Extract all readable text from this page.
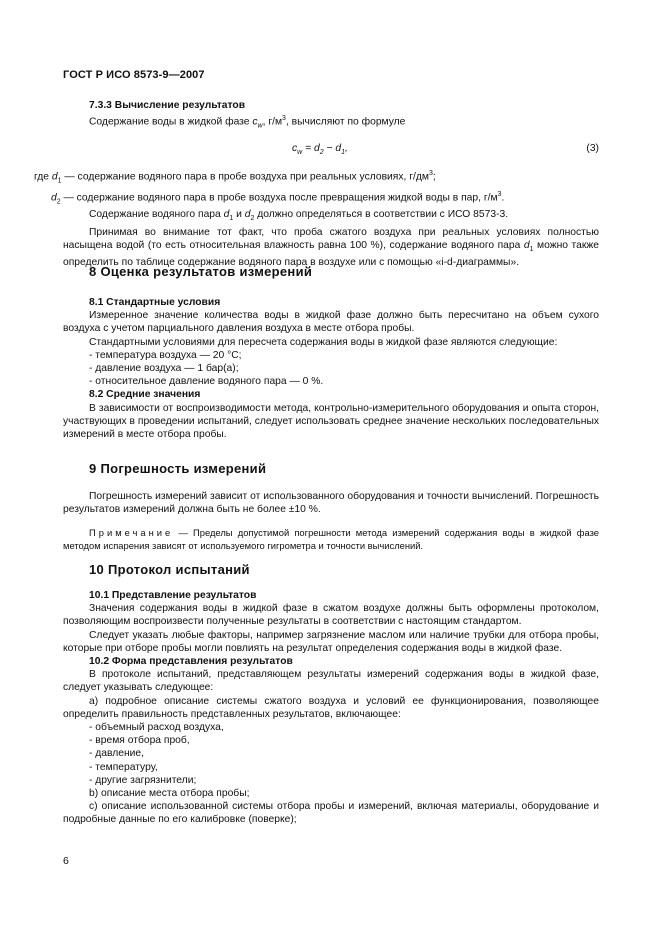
ГОСТ Р ИСО 8573-9—2007
7.3.3 Вычисление результатов
Содержание воды в жидкой фазе $c_w$, $г/м^3$, вычисляют по формуле
$c_w = d_2 - d_1$,	(3)
где $d_1$ — содержание водяного пара в пробе воздуха при реальных условиях, $г/дм^3$;
$d_2$ — содержание водяного пара в пробе воздуха после превращения жидкой воды в пар, $г/м^3$.
Содержание водяного пара $d_1$ и $d_2$ должно определяться в соответствии с ИСО 8573-3.
Принимая во внимание тот факт, что проба сжатого воздуха при реальных условиях полностью насыщена водой (то есть относительная влажность равна 100 %), содержание водяного пара $d_1$ можно также определить по таблице содержание водяного пара в воздухе или с помощью «i-d-диаграммы».
8 Оценка результатов измерений
8.1 Стандартные условия
Измеренное значение количества воды в жидкой фазе должно быть пересчитано на объем сухого воздуха с учетом парциального давления воздуха в месте отбора пробы.
Стандартными условиями для пересчета содержания воды в жидкой фазе являются следующие:
- температура воздуха — 20 °С;
- давление воздуха — 1 бар(а);
- относительное давление водяного пара — 0 %.
8.2 Средние значения
В зависимости от воспроизводимости метода, контрольно-измерительного оборудования и опыта сторон, участвующих в проведении испытаний, следует использовать среднее значение нескольких последовательных измерений в месте отбора пробы.
9 Погрешность измерений
Погрешность измерений зависит от использованного оборудования и точности вычислений. Погрешность результатов измерений должна быть не более ±10 %.
Примечание — Пределы допустимой погрешности метода измерений содержания воды в жидкой фазе методом испарения зависят от используемого гигрометра и точности вычислений.
10 Протокол испытаний
10.1 Представление результатов
Значения содержания воды в жидкой фазе в сжатом воздухе должны быть оформлены протоколом, позволяющим воспроизвести полученные результаты в соответствии с настоящим стандартом.
Следует указать любые факторы, например загрязнение маслом или наличие трубки для отбора пробы, которые при отборе пробы могли повлиять на результат определения содержания воды в жидкой фазе.
10.2 Форма представления результатов
В протоколе испытаний, представляющем результаты измерений содержания воды в жидкой фазе, следует указывать следующее:
а) подробное описание системы сжатого воздуха и условий ее функционирования, позволяющее определить правильность представленных результатов, включающее:
- объемный расход воздуха,
- время отбора проб,
- давление,
- температуру,
- другие загрязнители;
b) описание места отбора пробы;
с) описание использованной системы отбора пробы и измерений, включая материалы, оборудование и подробные данные по его калибровке (поверке);
6
